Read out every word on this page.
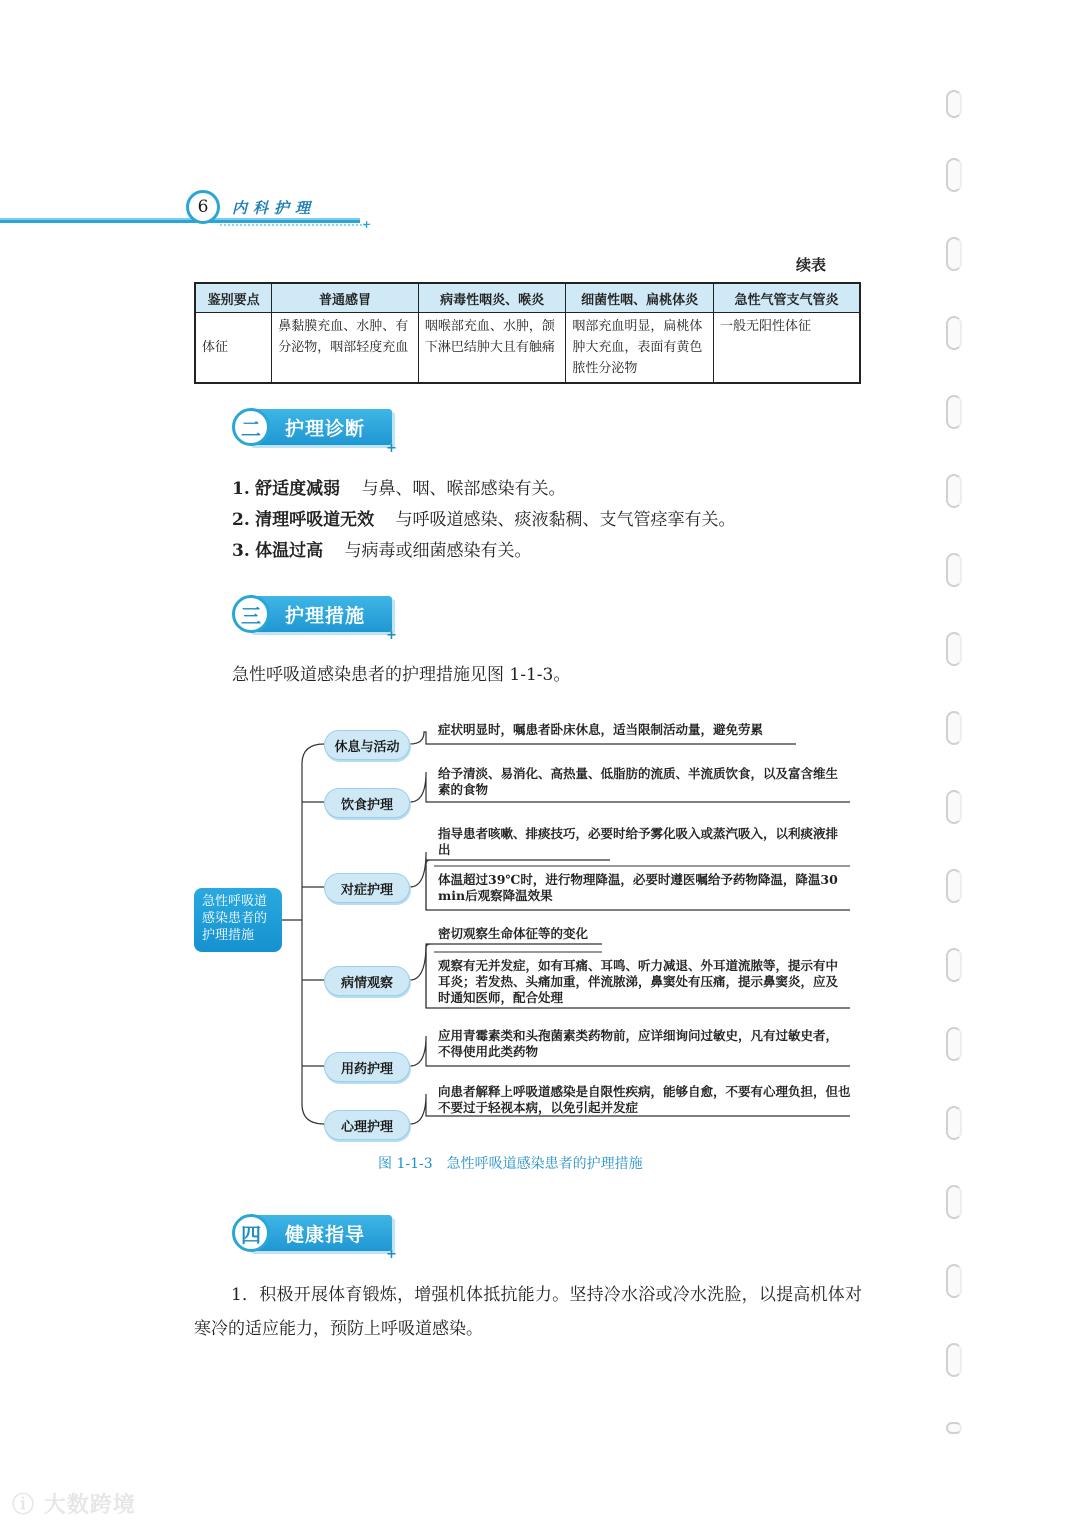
+
6	内科护理
续表
鉴别要点	普通感冒	病毒性咽炎、喉炎	细菌性咽、扁桃体炎	急性气管支气管炎
体征	鼻黏膜充血、水肿、有分泌物，咽部轻度充血	咽喉部充血、水肿，颌下淋巴结肿大且有触痛	咽部充血明显，扁桃体肿大充血，表面有黄色脓性分泌物	一般无阳性体征
二	护理诊断
+
1. 舒适度减弱 与鼻、咽、喉部感染有关。
2. 清理呼吸道无效 与呼吸道感染、痰液黏稠、支气管痉挛有关。
3. 体温过高 与病毒或细菌感染有关。
三	护理措施
+
急性呼吸道感染患者的护理措施见图 1-1-3。
急性呼吸道感染患者的护理措施
休息与活动
饮食护理
对症护理
病情观察
用药护理
心理护理
症状明显时，嘱患者卧床休息，适当限制活动量，避免劳累
给予清淡、易消化、高热量、低脂肪的流质、半流质饮食，以及富含维生素的食物
指导患者咳嗽、排痰技巧，必要时给予雾化吸入或蒸汽吸入，以利痰液排出
体温超过39℃时，进行物理降温，必要时遵医嘱给予药物降温，降温30 min后观察降温效果
密切观察生命体征等的变化
观察有无并发症，如有耳痛、耳鸣、听力减退、外耳道流脓等，提示有中耳炎；若发热、头痛加重，伴流脓涕，鼻窦处有压痛，提示鼻窦炎，应及时通知医师，配合处理
应用青霉素类和头孢菌素类药物前，应详细询问过敏史，凡有过敏史者，不得使用此类药物
向患者解释上呼吸道感染是自限性疾病，能够自愈，不要有心理负担，但也不要过于轻视本病，以免引起并发症
图 1-1-3　急性呼吸道感染患者的护理措施
四	健康指导
+
1．积极开展体育锻炼，增强机体抵抗能力。坚持冷水浴或冷水洗脸，以提高机体对寒冷的适应能力，预防上呼吸道感染。
ⓘ 大数跨境
